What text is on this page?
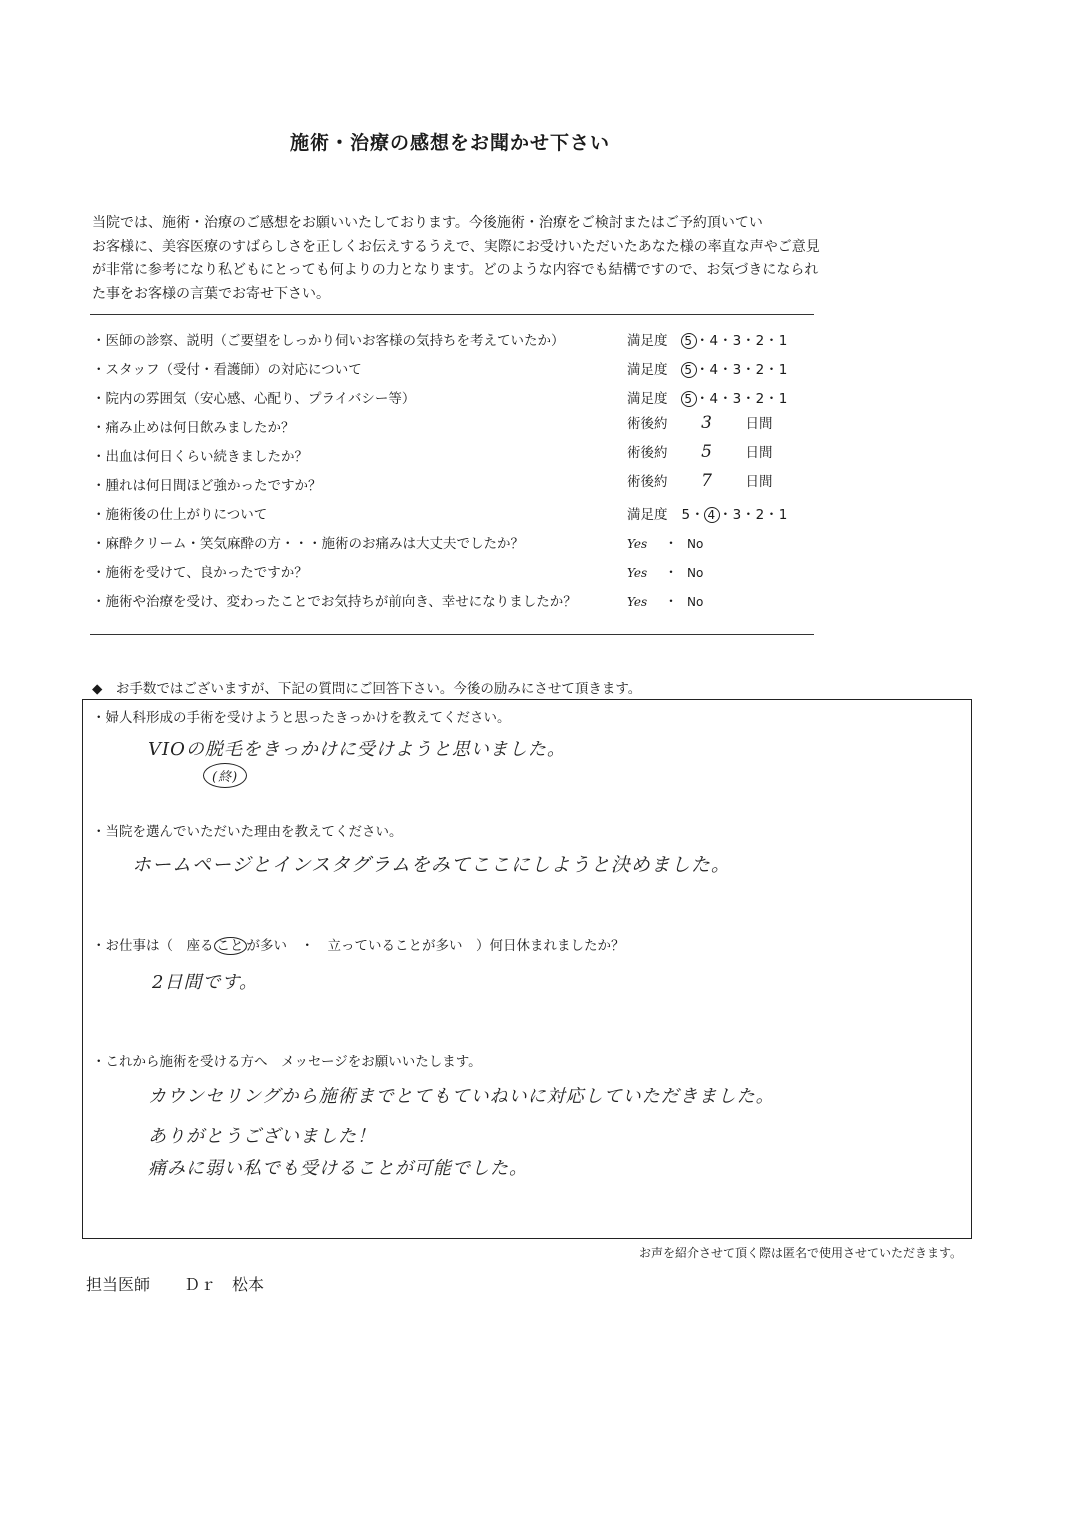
施術・治療の感想をお聞かせ下さい
当院では、施術・治療のご感想をお願いいたしております。今後施術・治療をご検討またはご予約頂いてい
お客様に、美容医療のすばらしさを正しくお伝えするうえで、実際にお受けいただいたあなた様の率直な声やご意見
が非常に参考になり私どもにとっても何よりの力となります。どのような内容でも結構ですので、お気づきになられ
た事をお客様の言葉でお寄せ下さい。
・医師の診察、説明（ご要望をしっかり伺いお客様の気持ちを考えていたか）	満足度 5 ・4・3・2・1
・スタッフ（受付・看護師）の対応について	満足度 5 ・4・3・2・1
・院内の雰囲気（安心感、心配り、プライバシー等）	満足度 5 ・4・3・2・1
・痛み止めは何日飲みましたか？	術後約 3 日間
・出血は何日くらい続きましたか？	術後約 5 日間
・腫れは何日間ほど強かったですか？	術後約 7 日間
・施術後の仕上がりについて	満足度 5・ 4 ・3・2・1
・麻酔クリーム・笑気麻酔の方・・・施術のお痛みは大丈夫でしたか？	Yes ・ No
・施術を受けて、良かったですか？	Yes ・ No
・施術や治療を受け、変わったことでお気持ちが前向き、幸せになりましたか？	Yes ・ No
◆　お手数ではございますが、下記の質問にご回答下さい。今後の励みにさせて頂きます。
・婦人科形成の手術を受けようと思ったきっかけを教えてください。
VIOの脱毛をきっかけに受けようと思いました。
(終)
・当院を選んでいただいた理由を教えてください。
ホームページとインスタグラムをみてここにしようと決めました。
・お仕事は（　座る こと が多い　・　立っていることが多い　）何日休まれましたか？
2日間です。
・これから施術を受ける方へ　メッセージをお願いいたします。
カウンセリングから施術までとてもていねいに対応していただきました。
ありがとうございました！
痛みに弱い私でも受けることが可能でした。
お声を紹介させて頂く際は匿名で使用させていただきます。
担当医師 Ｄｒ　松本
